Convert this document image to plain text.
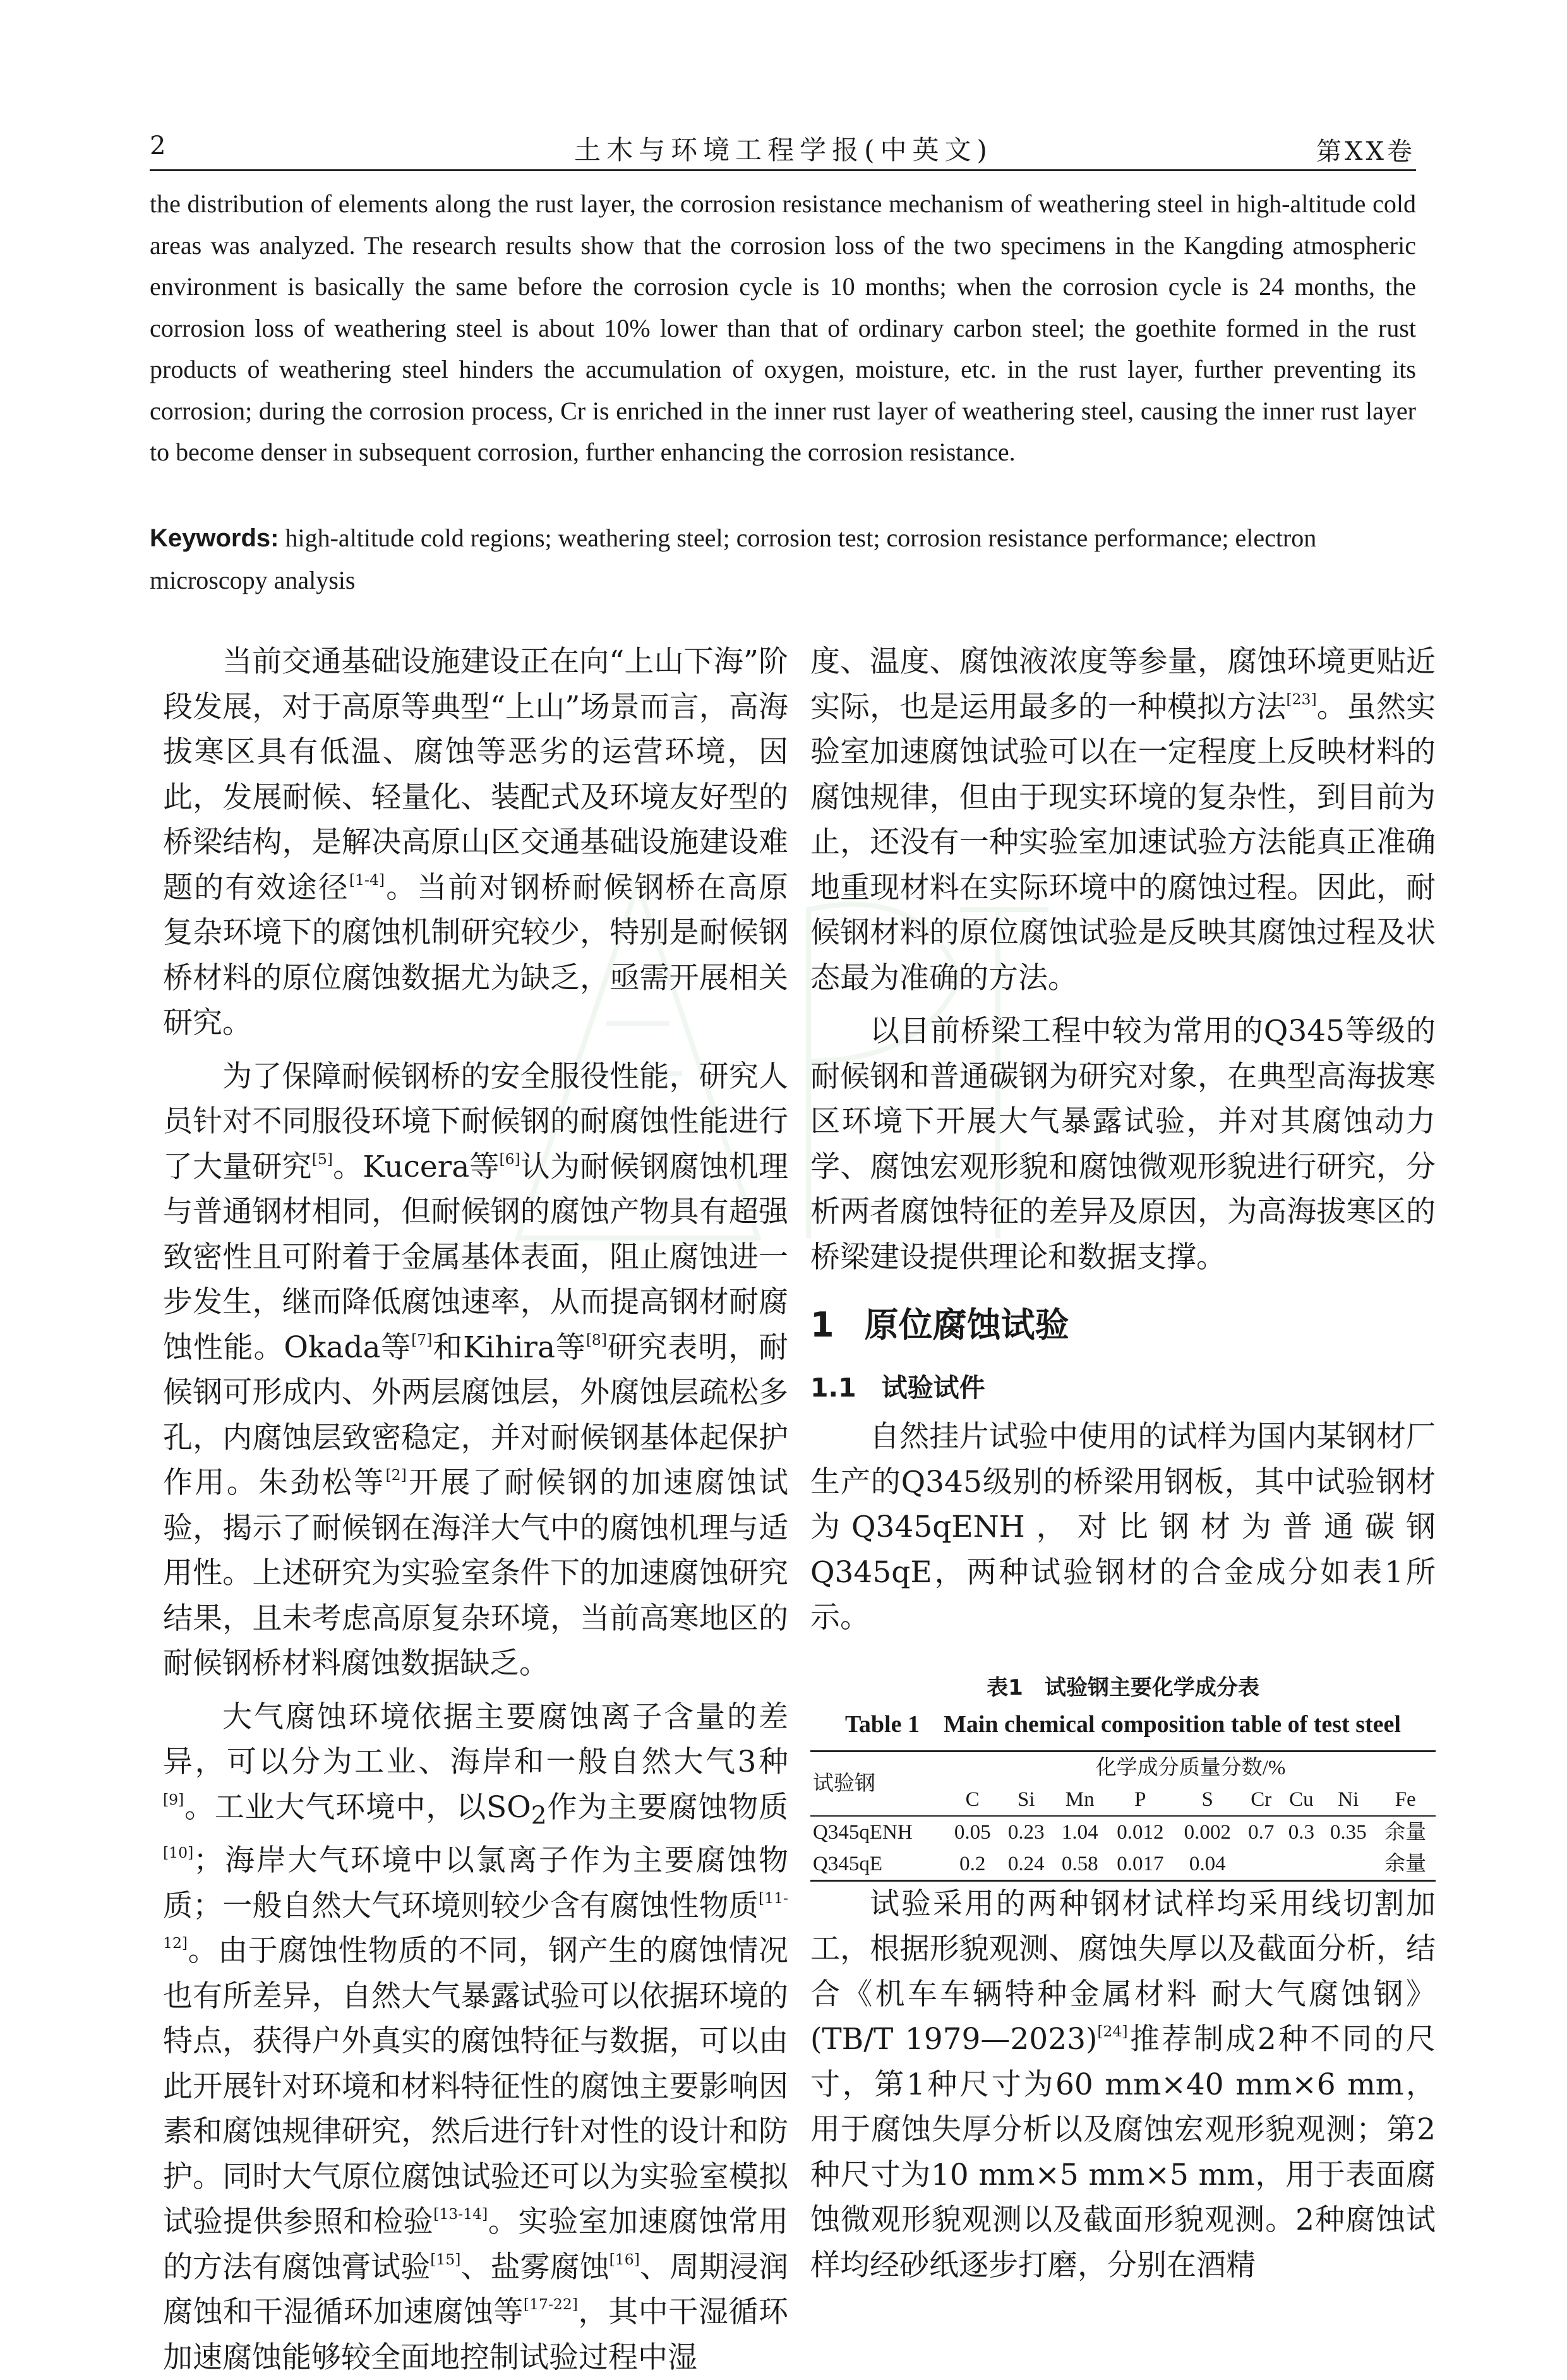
2	土木与环境工程学报(中英文)	第XX卷
the distribution of elements along the rust layer, the corrosion resistance mechanism of weathering steel in high-altitude cold areas was analyzed. The research results show that the corrosion loss of the two specimens in the Kangding atmospheric environment is basically the same before the corrosion cycle is 10 months; when the corrosion cycle is 24 months, the corrosion loss of weathering steel is about 10% lower than that of ordinary carbon steel; the goethite formed in the rust products of weathering steel hinders the accumulation of oxygen, moisture, etc. in the rust layer, further preventing its corrosion; during the corrosion process, Cr is enriched in the inner rust layer of weathering steel, causing the inner rust layer to become denser in subsequent corrosion, further enhancing the corrosion resistance.
Keywords: high-altitude cold regions; weathering steel; corrosion test; corrosion resistance performance; electron microscopy analysis

当前交通基础设施建设正在向“上山下海”阶段发展，对于高原等典型“上山”场景而言，高海拔寒区具有低温、腐蚀等恶劣的运营环境，因此，发展耐候、轻量化、装配式及环境友好型的桥梁结构，是解决高原山区交通基础设施建设难题的有效途径[1-4]。当前对钢桥耐候钢桥在高原复杂环境下的腐蚀机制研究较少，特别是耐候钢桥材料的原位腐蚀数据尤为缺乏，亟需开展相关研究。

为了保障耐候钢桥的安全服役性能，研究人员针对不同服役环境下耐候钢的耐腐蚀性能进行了大量研究[5]。Kucera等[6]认为耐候钢腐蚀机理与普通钢材相同，但耐候钢的腐蚀产物具有超强致密性且可附着于金属基体表面，阻止腐蚀进一步发生，继而降低腐蚀速率，从而提高钢材耐腐蚀性能。Okada等[7]和Kihira等[8]研究表明，耐候钢可形成内、外两层腐蚀层，外腐蚀层疏松多孔，内腐蚀层致密稳定，并对耐候钢基体起保护作用。朱劲松等[2]开展了耐候钢的加速腐蚀试验，揭示了耐候钢在海洋大气中的腐蚀机理与适用性。上述研究为实验室条件下的加速腐蚀研究结果，且未考虑高原复杂环境，当前高寒地区的耐候钢桥材料腐蚀数据缺乏。

大气腐蚀环境依据主要腐蚀离子含量的差异，可以分为工业、海岸和一般自然大气3种[9]。工业大气环境中，以$SO_2$作为主要腐蚀物质[10]；海岸大气环境中以氯离子作为主要腐蚀物质；一般自然大气环境则较少含有腐蚀性物质[11-12]。由于腐蚀性物质的不同，钢产生的腐蚀情况也有所差异，自然大气暴露试验可以依据环境的特点，获得户外真实的腐蚀特征与数据，可以由此开展针对环境和材料特征性的腐蚀主要影响因素和腐蚀规律研究，然后进行针对性的设计和防护。同时大气原位腐蚀试验还可以为实验室模拟试验提供参照和检验[13-14]。实验室加速腐蚀常用的方法有腐蚀膏试验[15]、盐雾腐蚀[16]、周期浸润腐蚀和干湿循环加速腐蚀等[17-22]，其中干湿循环加速腐蚀能够较全面地控制试验过程中湿

度、温度、腐蚀液浓度等参量，腐蚀环境更贴近实际，也是运用最多的一种模拟方法[23]。虽然实验室加速腐蚀试验可以在一定程度上反映材料的腐蚀规律，但由于现实环境的复杂性，到目前为止，还没有一种实验室加速试验方法能真正准确地重现材料在实际环境中的腐蚀过程。因此，耐候钢材料的原位腐蚀试验是反映其腐蚀过程及状态最为准确的方法。

以目前桥梁工程中较为常用的Q345等级的耐候钢和普通碳钢为研究对象，在典型高海拔寒区环境下开展大气暴露试验，并对其腐蚀动力学、腐蚀宏观形貌和腐蚀微观形貌进行研究，分析两者腐蚀特征的差异及原因，为高海拔寒区的桥梁建设提供理论和数据支撑。

1 原位腐蚀试验
1.1 试验试件

自然挂片试验中使用的试样为国内某钢材厂生产的Q345级别的桥梁用钢板，其中试验钢材为Q345qENH，对比钢材为普通碳钢Q345qE，两种试验钢材的合金成分如表1所示。

表1　试验钢主要化学成分表
Table 1　Main chemical composition table of test steel
试验钢	化学成分质量分数/%								
	C	Si	Mn	P	S	Cr	Cu	Ni	Fe
Q345qENH	0.05	0.23	1.04	0.012	0.002	0.7	0.3	0.35	余量
Q345qE	0.2	0.24	0.58	0.017	0.04				余量

试验采用的两种钢材试样均采用线切割加工，根据形貌观测、腐蚀失厚以及截面分析，结合《机车车辆特种金属材料 耐大气腐蚀钢》(TB/T 1979—2023)[24]推荐制成2种不同的尺寸，第1种尺寸为60 mm×40 mm×6 mm，用于腐蚀失厚分析以及腐蚀宏观形貌观测；第2种尺寸为10 mm×5 mm×5 mm，用于表面腐蚀微观形貌观测以及截面形貌观测。2种腐蚀试样均经砂纸逐步打磨，分别在酒精
